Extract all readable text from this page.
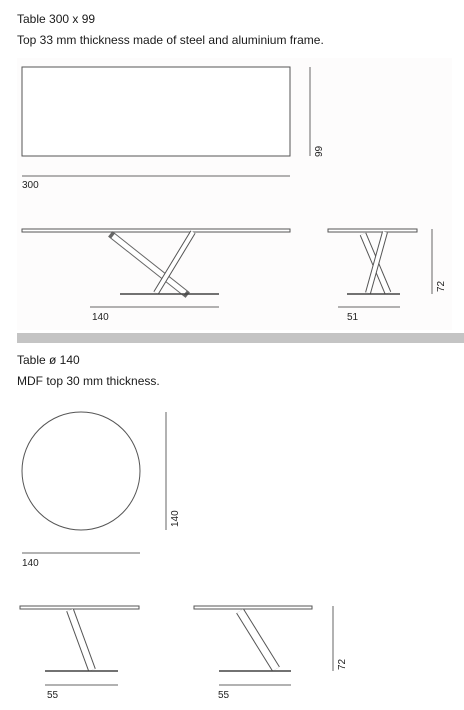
Table 300 x 99

Top 33 mm thickness made of steel and aluminium frame.

300
99
140	51
72

Table ø 140

MDF top 30 mm thickness.

140
140
55	55
72
